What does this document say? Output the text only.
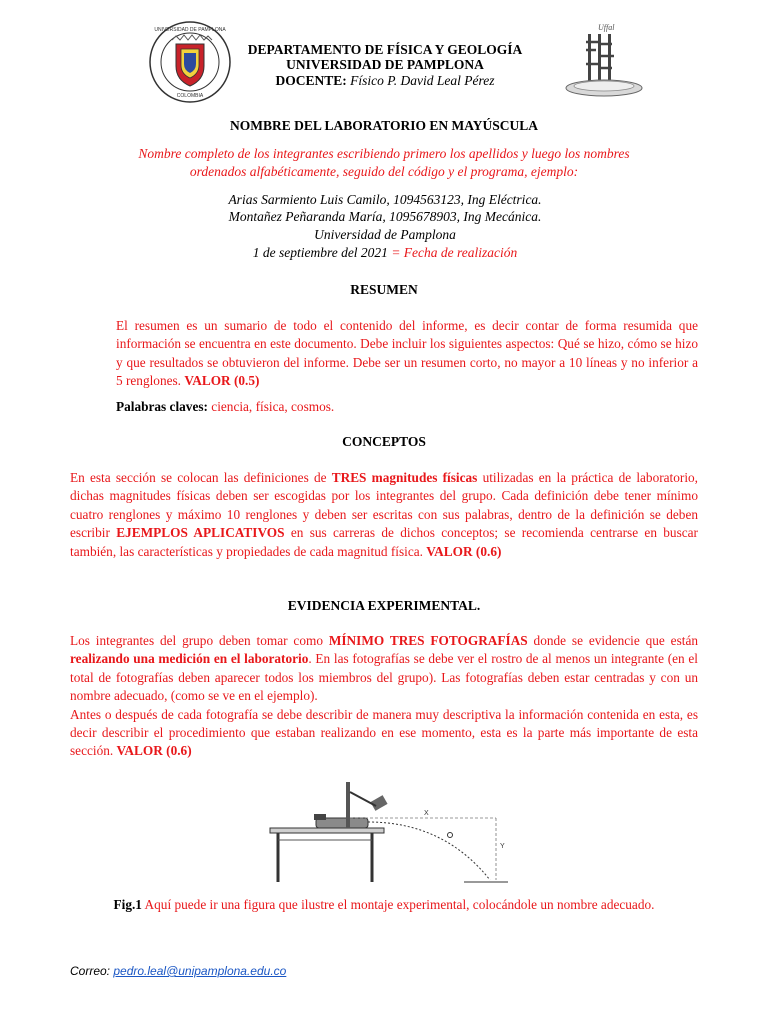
COLOMBIA
UNIVERSIDAD DE PAMPLONA	Uffal
DEPARTAMENTO DE FÍSICA Y GEOLOGÍA
UNIVERSIDAD DE PAMPLONA
DOCENTE: Físico P. David Leal Pérez
NOMBRE DEL LABORATORIO EN MAYÚSCULA
Nombre completo de los integrantes escribiendo primero los apellidos y luego los nombres
ordenados alfabéticamente, seguido del código y el programa, ejemplo:
Arias Sarmiento Luis Camilo, 1094563123, Ing Eléctrica.
Montañez Peñaranda María, 1095678903, Ing Mecánica.
Universidad de Pamplona
1 de septiembre del 2021 = Fecha de realización
RESUMEN
El resumen es un sumario de todo el contenido del informe, es decir contar de forma resumida que información se encuentra en este documento. Debe incluir los siguientes aspectos: Qué se hizo, cómo se hizo y que resultados se obtuvieron del informe. Debe ser un resumen corto, no mayor a 10 líneas y no inferior a 5 renglones. VALOR (0.5)
Palabras claves: ciencia, física, cosmos.
CONCEPTOS
En esta sección se colocan las definiciones de TRES magnitudes físicas utilizadas en la práctica de laboratorio, dichas magnitudes físicas deben ser escogidas por los integrantes del grupo. Cada definición debe tener mínimo cuatro renglones y máximo 10 renglones y deben ser escritas con sus palabras, dentro de la definición se deben escribir EJEMPLOS APLICATIVOS en sus carreras de dichos conceptos; se recomienda centrarse en buscar también, las características y propiedades de cada magnitud física. VALOR (0.6)
EVIDENCIA EXPERIMENTAL.
Los integrantes del grupo deben tomar como MÍNIMO TRES FOTOGRAFÍAS donde se evidencie que están realizando una medición en el laboratorio. En las fotografías se debe ver el rostro de al menos un integrante (en el total de fotografías deben aparecer todos los miembros del grupo). Las fotografías deben estar centradas y con un nombre adecuado, (como se ve en el ejemplo).
Antes o después de cada fotografía se debe describir de manera muy descriptiva la información contenida en esta, es decir describir el procedimiento que estaban realizando en ese momento, esta es la parte más importante de esta sección. VALOR (0.6)
X
Y
Fig.1 Aquí puede ir una figura que ilustre el montaje experimental, colocándole un nombre adecuado.
Correo: pedro.leal@unipamplona.edu.co
